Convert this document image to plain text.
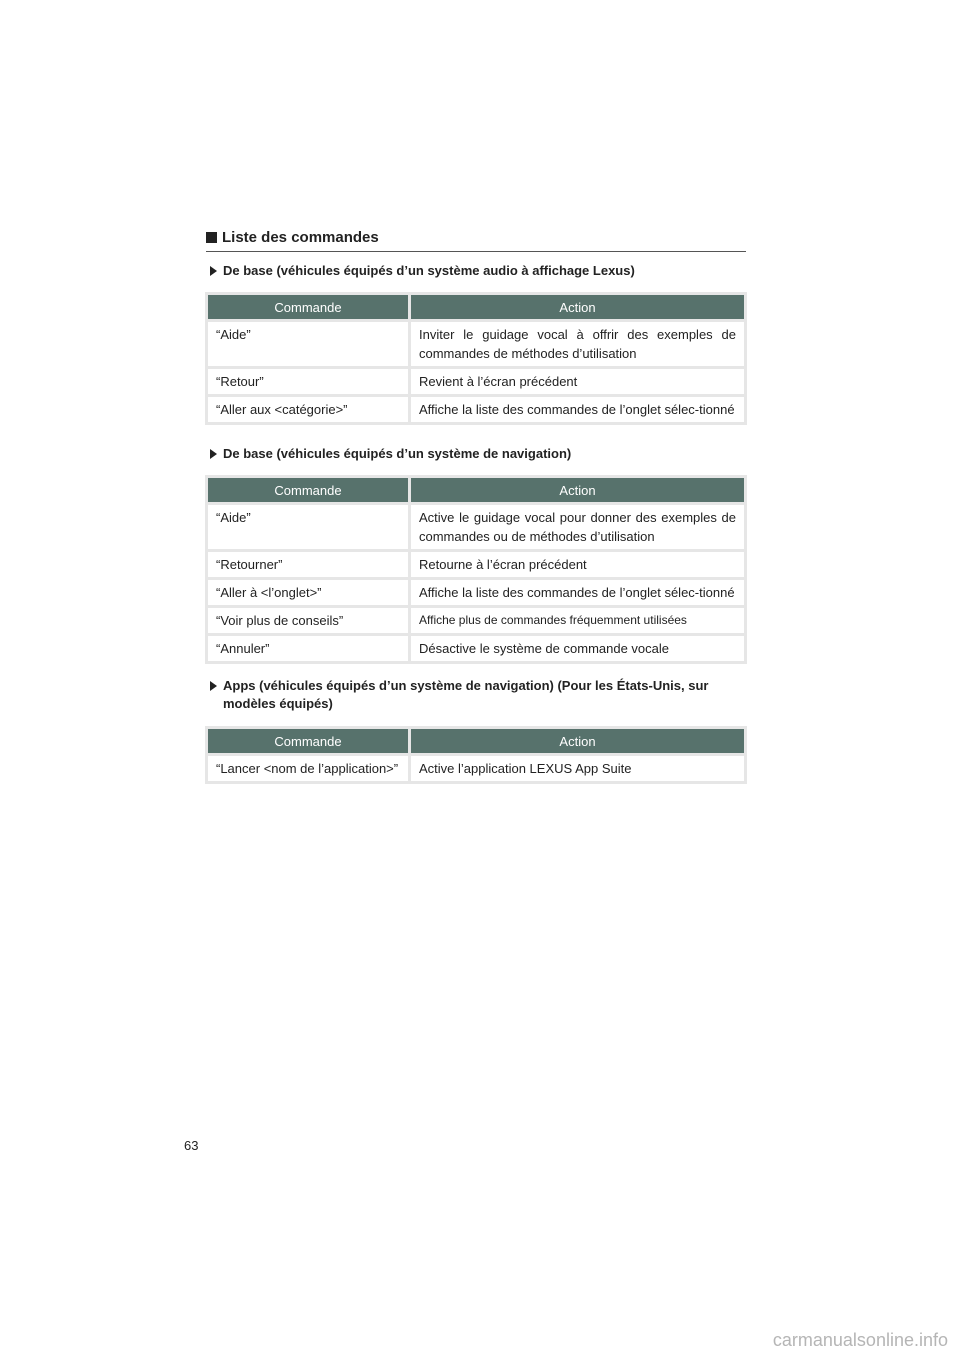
Liste des commandes
De base (véhicules équipés d’un système audio à affichage Lexus)
Commande	Action
“Aide”	Inviter le guidage vocal à offrir des exemples de commandes de méthodes d’utilisation
“Retour”	Revient à l’écran précédent
“Aller aux <catégorie>”	Affiche la liste des commandes de l’onglet sélec-tionné
De base (véhicules équipés d’un système de navigation)
Commande	Action
“Aide”	Active le guidage vocal pour donner des exemples de commandes ou de méthodes d’utilisation
“Retourner”	Retourne à l’écran précédent
“Aller à <l’onglet>”	Affiche la liste des commandes de l’onglet sélec-tionné
“Voir plus de conseils”	Affiche plus de commandes fréquemment utilisées
“Annuler”	Désactive le système de commande vocale
Apps (véhicules équipés d’un système de navigation) (Pour les États-Unis, sur modèles équipés)
Commande	Action
“Lancer <nom de l’application>”	Active l’application LEXUS App Suite
63
carmanualsonline.info
